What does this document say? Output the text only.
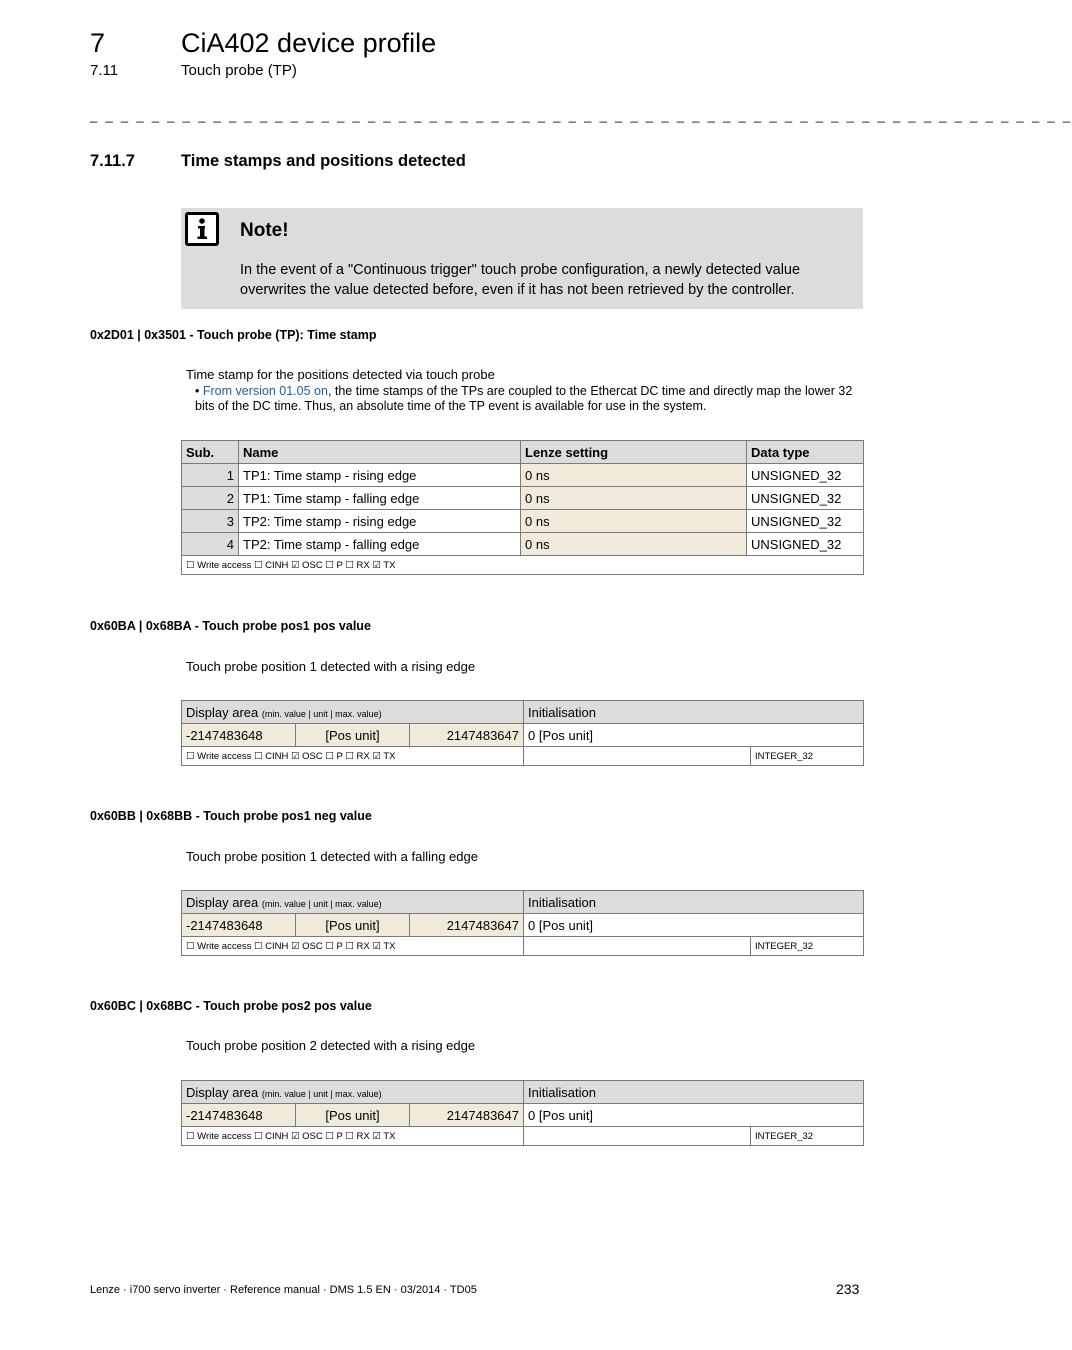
7	CiA402 device profile
7.11	Touch probe (TP)
_ _ _ _ _ _ _ _ _ _ _ _ _ _ _ _ _ _ _ _ _ _ _ _ _ _ _ _ _ _ _ _ _ _ _ _ _ _ _ _ _ _ _ _ _ _ _ _ _ _ _ _ _ _ _ _ _ _ _ _ _ _ _ _
7.11.7	Time stamps and positions detected
Note!
In the event of a "Continuous trigger" touch probe configuration, a newly detected value overwrites the value detected before, even if it has not been retrieved by the controller.
0x2D01 | 0x3501 - Touch probe (TP): Time stamp
Time stamp for the positions detected via touch probe
• From version 01.05 on, the time stamps of the TPs are coupled to the Ethercat DC time and directly map the lower 32 bits of the DC time. Thus, an absolute time of the TP event is available for use in the system.
Sub.	Name	Lenze setting	Data type
1	TP1: Time stamp - rising edge	0 ns	UNSIGNED_32
2	TP1: Time stamp - falling edge	0 ns	UNSIGNED_32
3	TP2: Time stamp - rising edge	0 ns	UNSIGNED_32
4	TP2: Time stamp - falling edge	0 ns	UNSIGNED_32
☐ Write access ☐ CINH ☑ OSC ☐ P ☐ RX ☑ TX			
0x60BA | 0x68BA - Touch probe pos1 pos value
Touch probe position 1 detected with a rising edge
Display area (min. value | unit | max. value)			Initialisation	
-2147483648	[Pos unit]	2147483647	0 [Pos unit]	
☐ Write access ☐ CINH ☑ OSC ☐ P ☐ RX ☑ TX				INTEGER_32
0x60BB | 0x68BB - Touch probe pos1 neg value
Touch probe position 1 detected with a falling edge
Display area (min. value | unit | max. value)			Initialisation	
-2147483648	[Pos unit]	2147483647	0 [Pos unit]	
☐ Write access ☐ CINH ☑ OSC ☐ P ☐ RX ☑ TX				INTEGER_32
0x60BC | 0x68BC - Touch probe pos2 pos value
Touch probe position 2 detected with a rising edge
Display area (min. value | unit | max. value)			Initialisation	
-2147483648	[Pos unit]	2147483647	0 [Pos unit]	
☐ Write access ☐ CINH ☑ OSC ☐ P ☐ RX ☑ TX				INTEGER_32
Lenze · i700 servo inverter · Reference manual · DMS 1.5 EN · 03/2014 · TD05	233
